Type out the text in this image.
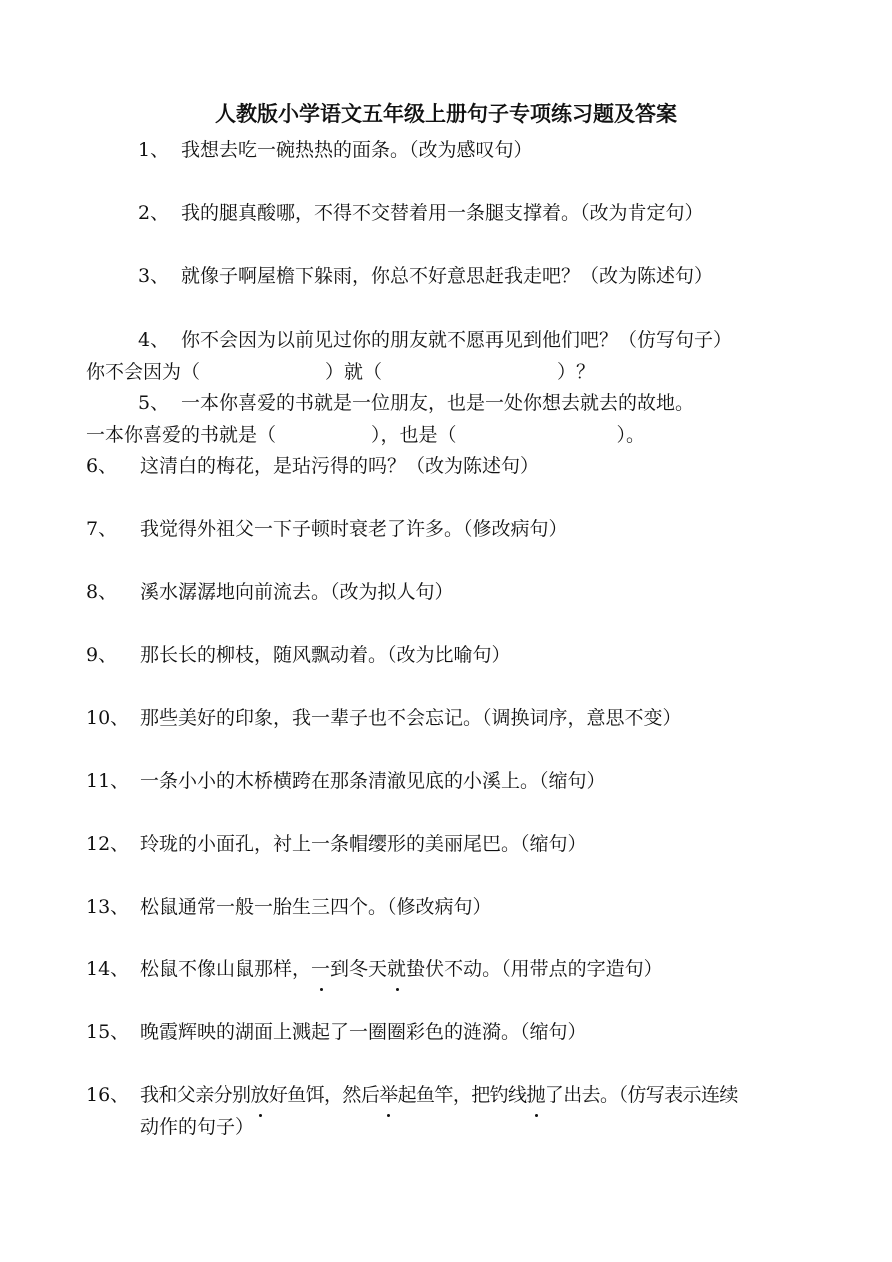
人教版小学语文五年级上册句子专项练习题及答案
1、 我想去吃一碗热热的面条。（改为感叹句）
2、 我的腿真酸哪，不得不交替着用一条腿支撑着。（改为肯定句）
3、 就像子啊屋檐下躲雨，你总不好意思赶我走吧？（改为陈述句）
4、 你不会因为以前见过你的朋友就不愿再见到他们吧？（仿写句子）
你不会因为（	）就（	）？
5、 一本你喜爱的书就是一位朋友，也是一处你想去就去的故地。
一本你喜爱的书就是（	），也是（	）。
6、 这清白的梅花，是玷污得的吗？（改为陈述句）
7、 我觉得外祖父一下子顿时衰老了许多。（修改病句）
8、 溪水潺潺地向前流去。（改为拟人句）
9、 那长长的柳枝，随风飘动着。（改为比喻句）
10、 那些美好的印象，我一辈子也不会忘记。（调换词序，意思不变）
11、 一条小小的木桥横跨在那条清澈见底的小溪上。（缩句）
12、 玲珑的小面孔，衬上一条帽缨形的美丽尾巴。（缩句）
13、 松鼠通常一般一胎生三四个。（修改病句）
14、 松鼠不像山鼠那样，一到冬天就蛰伏不动。（用带点的字造句）
15、 晚霞辉映的湖面上溅起了一圈圈彩色的涟漪。（缩句）
16、 我和父亲分别放好鱼饵，然后举起鱼竿，把钓线抛了出去。（仿写表示连续
动作的句子）
